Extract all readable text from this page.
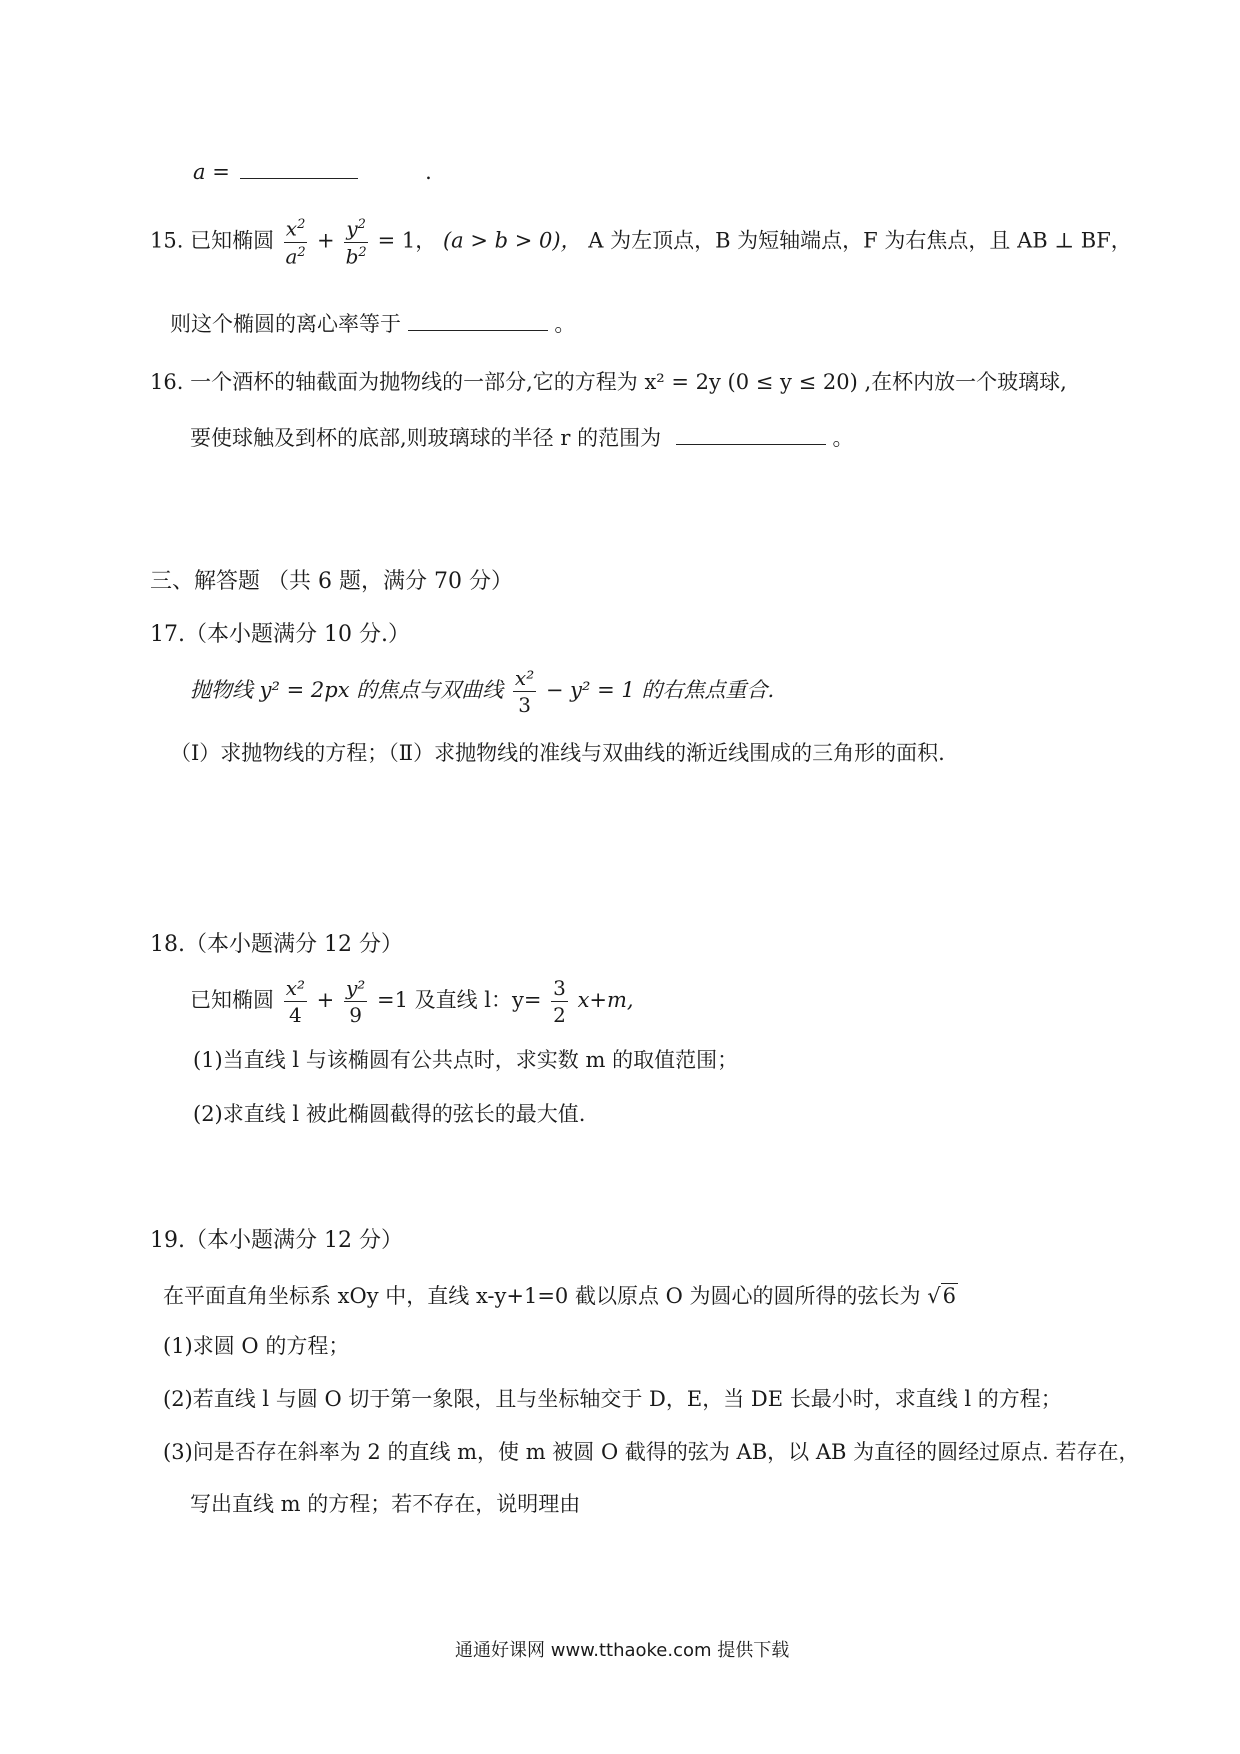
a =	.
15. 已知椭圆 $\frac{x^2}{a^2} + \frac{y^2}{b^2} = 1$， (a > b > 0)， A 为左顶点，B 为短轴端点，F 为右焦点，且 AB ⊥ BF，
则这个椭圆的离心率等于	。
16. 一个酒杯的轴截面为抛物线的一部分,它的方程为 x² = 2y (0 ≤ y ≤ 20) ,在杯内放一个玻璃球,
要使球触及到杯的底部,则玻璃球的半径 r 的范围为	。
三、解答题 （共 6 题，满分 70 分）
17.（本小题满分 10 分.）
抛物线 y² = 2px 的焦点与双曲线 $\frac{\text{x²}}{3} - y^2 = 1$ 的右焦点重合.
（Ⅰ）求抛物线的方程；（Ⅱ）求抛物线的准线与双曲线的渐近线围成的三角形的面积.
18.（本小题满分 12 分）
已知椭圆 $\frac{\text{x²}}{4} + \frac{\text{y²}}{9} =1$ 及直线 l：$y= \frac{3}{2} x+m$,
(1)当直线 l 与该椭圆有公共点时，求实数 m 的取值范围；
(2)求直线 l 被此椭圆截得的弦长的最大值.
19.（本小题满分 12 分）
在平面直角坐标系 xOy 中，直线 x-y+1=0 截以原点 O 为圆心的圆所得的弦长为 √ 6
(1)求圆 O 的方程；
(2)若直线 l 与圆 O 切于第一象限，且与坐标轴交于 D，E，当 DE 长最小时，求直线 l 的方程；
(3)问是否存在斜率为 2 的直线 m，使 m 被圆 O 截得的弦为 AB，以 AB 为直径的圆经过原点. 若存在，
写出直线 m 的方程；若不存在，说明理由
通通好课网 www.tthaoke.com 提供下载
